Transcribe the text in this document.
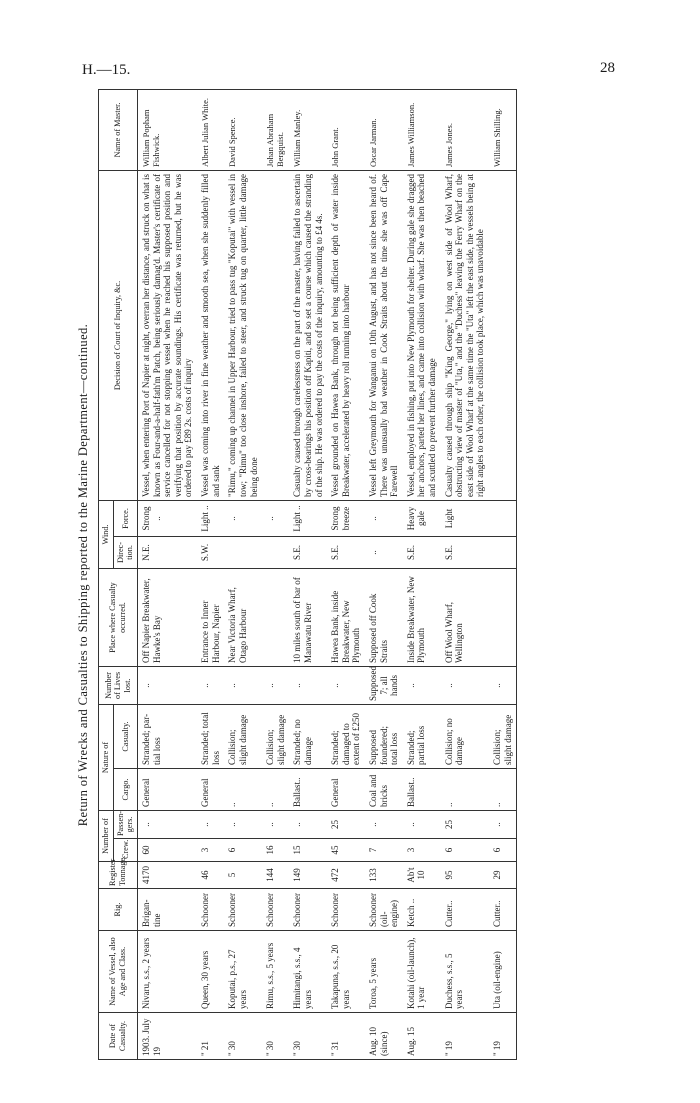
H.—15.	28
Return of Wrecks and Casualties to Shipping reported to the Marine Department—continued.
Date of Casualty.	Name of Vessel, also Age and Class.	Rig.	Register Tonnage.	Number of		Nature of		Number of Lives lost.	Place where Casualty occurred.	Wind.		Decision of Court of Inquiry, &c.	Name of Master.
				Crew.	Passen-gers.	Cargo.	Casualty.			Direc-tion.	Force.		
1903. July 19	Nivaru, s.s., 2 years	Brigan-tine	4170	60	..	General	Stranded; par-tial loss	..	Off Napier Breakwater, Hawke's Bay	N.E.	Strong ..	Vessel, when entering Port of Napier at night, overran her distance, and struck on what is known as Four-and-a-half-fath'm Patch, being seriously damag'd. Master's certificate of service cancelled for not stopping vessel when he reached his supposed position and verifying that position by accurate soundings. His certificate was returned, but he was ordered to pay £89 2s. costs of inquiry	William Popham Fishwick.
" 21	Queen, 30 years	Schooner	46	3	..	General	Stranded; total loss	..	Entrance to Inner Harbour, Napier	S.W.	Light ..	Vessel was coming into river in fine weather and smooth sea, when she suddenly filled and sank	Albert Julian White.
" 30	Koputai, p.s., 27 years	Schooner	5	6	..	..	Collision; slight damage	..	Near Victoria Wharf, Otago Harbour		..	"Rimu," coming up channel in Upper Harbour, tried to pass tug "Koputai" with vessel in tow; "Rimu" too close inshore, failed to steer, and struck tug on quarter, little damage being done	David Spence.
" 30	Rimu, s.s., 5 years	Schooner	144	16	..	..	Collision; slight damage	..			..		Johan Abraham Bergquist.
" 30	Himitangi, s.s., 4 years	Schooner	149	15	..	Ballast..	Stranded; no damage	..	10 miles south of bar of Manawatu River	S.E.	Light ..	Casualty caused through carelessness on the part of the master, having failed to ascertain by cross-bearings his position off Kapiti, and so set a course which caused the stranding of the ship. He was ordered to pay the costs of the inquiry, amounting to £4 4s.	William Manley.
" 31	Takapuna, s.s., 20 years	Schooner	472	45	25	General	Stranded; damaged to extent of £250	..	Hawea Bank, inside Breakwater, New Plymouth	S.E.	Strong breeze	Vessel grounded on Hawea Bank, through not being sufficient depth of water inside Breakwater, accelerated by heavy roll running into harbour	John Grant.
Aug. 10 (since)	Toroa, 5 years	Schooner (oil-engine)	133	7	..	Coal and bricks	Supposed foundered; total loss	Supposed 7; all hands	Supposed off Cook Straits	..	..	Vessel left Greymouth for Wanganui on 10th August, and has not since been heard of. There was unusually bad weather in Cook Straits about the time she was off Cape Farewell	Oscar Jarman.
Aug. 15	Kotahi (oil-launch), 1 year	Ketch ..	Ab't 10	3	..	Ballast..	Stranded; partial loss	..	Inside Breakwater, New Plymouth	S.E.	Heavy gale	Vessel, employed in fishing, put into New Plymouth for shelter. During gale she dragged her anchors, parted her lines, and came into collision with wharf. She was then beached and scuttled to prevent further damage	James Williamson.
" 19	Duchess, s.s., 5 years	Cutter..	95	6	25	..	Collision; no damage	..	Off Wool Wharf, Wellington	S.E.	Light	Casualty caused through ship "King George," lying on west side of Wool Wharf, obstructing view of master of "Uta," and the "Duchess" leaving the Ferry Wharf on the east side of Wool Wharf at the same time the "Uta" left the east side, the vessels being at right angles to each other, the collision took place, which was unavoidable	James Jones.
" 19	Uta (oil-engine)	Cutter..	29	6	..	..	Collision; slight damage	..					William Shilling.
